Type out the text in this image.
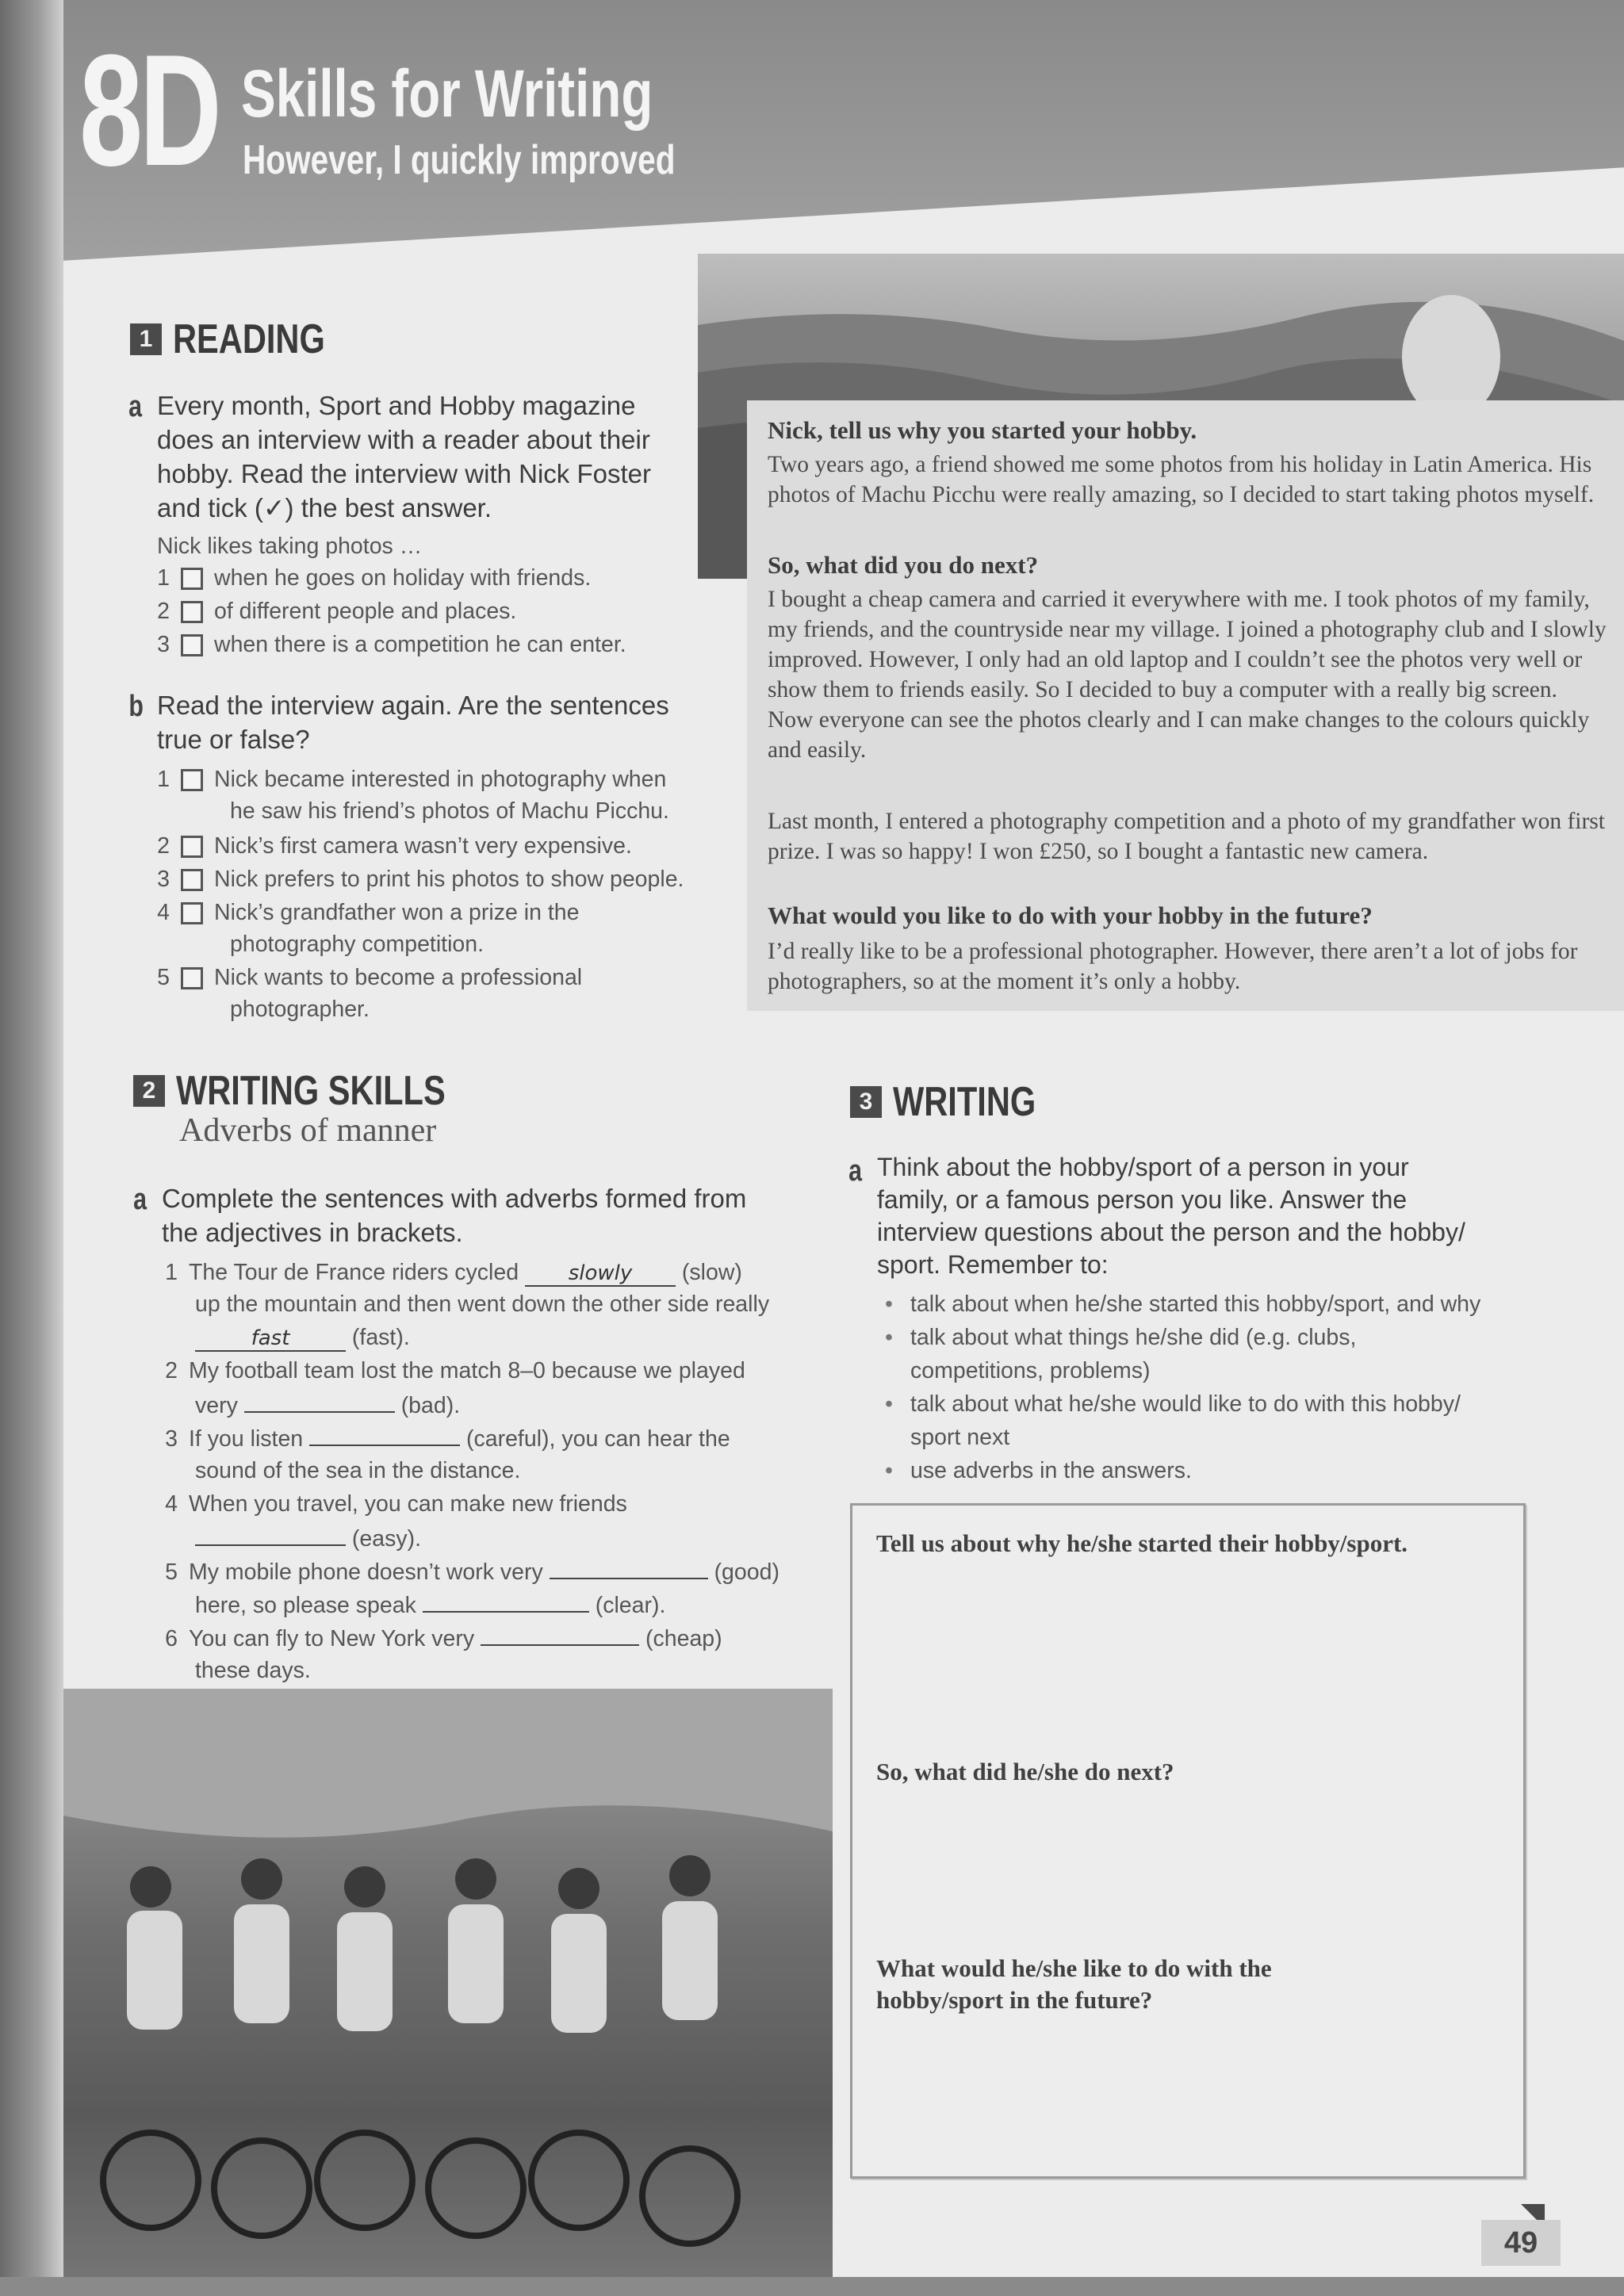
8D Skills for Writing
However, I quickly improved
Nick, tell us why you started your hobby.
Two years ago, a friend showed me some photos from his holiday in Latin America. His photos of Machu Picchu were really amazing, so I decided to start taking photos myself.
So, what did you do next?
I bought a cheap camera and carried it everywhere with me. I took photos of my family, my friends, and the countryside near my village. I joined a photography club and I slowly improved. However, I only had an old laptop and I couldn’t see the photos very well or show them to friends easily. So I decided to buy a computer with a really big screen. Now everyone can see the photos clearly and I can make changes to the colours quickly and easily.
Last month, I entered a photography competition and a photo of my grandfather won first prize. I was so happy! I won £250, so I bought a fantastic new camera.
What would you like to do with your hobby in the future?
I’d really like to be a professional photographer. However, there aren’t a lot of jobs for photographers, so at the moment it’s only a hobby.
1 READING
a Every month, Sport and Hobby magazine does an interview with a reader about their hobby. Read the interview with Nick Foster and tick (✓) the best answer.
Nick likes taking photos …
1 when he goes on holiday with friends.
2 of different people and places.
3 when there is a competition he can enter.
b Read the interview again. Are the sentences true or false?
1 Nick became interested in photography when
he saw his friend’s photos of Machu Picchu.
2 Nick’s first camera wasn’t very expensive.
3 Nick prefers to print his photos to show people.
4 Nick’s grandfather won a prize in the
photography competition.
5 Nick wants to become a professional
photographer.
2 WRITING SKILLS
Adverbs of manner
a Complete the sentences with adverbs formed from the adjectives in brackets.
1 The Tour de France riders cycled slowly (slow)
up the mountain and then went down the other side really
fast	(fast).
2 My football team lost the match 8–0 because we played
very	(bad).
3 If you listen	(careful), you can hear the
sound of the sea in the distance.
4 When you travel, you can make new friends
(easy).
5 My mobile phone doesn’t work very	(good)
here, so please speak	(clear).
6 You can fly to New York very	(cheap)
these days.
3 WRITING
a Think about the hobby/sport of a person in your family, or a famous person you like. Answer the interview questions about the person and the hobby/ sport. Remember to:
• talk about when he/she started this hobby/sport, and why
• talk about what things he/she did (e.g. clubs,
competitions, problems)
• talk about what he/she would like to do with this hobby/
sport next
• use adverbs in the answers.
Tell us about why he/she started their hobby/sport.
So, what did he/she do next?
What would he/she like to do with the hobby/sport in the future?
49
